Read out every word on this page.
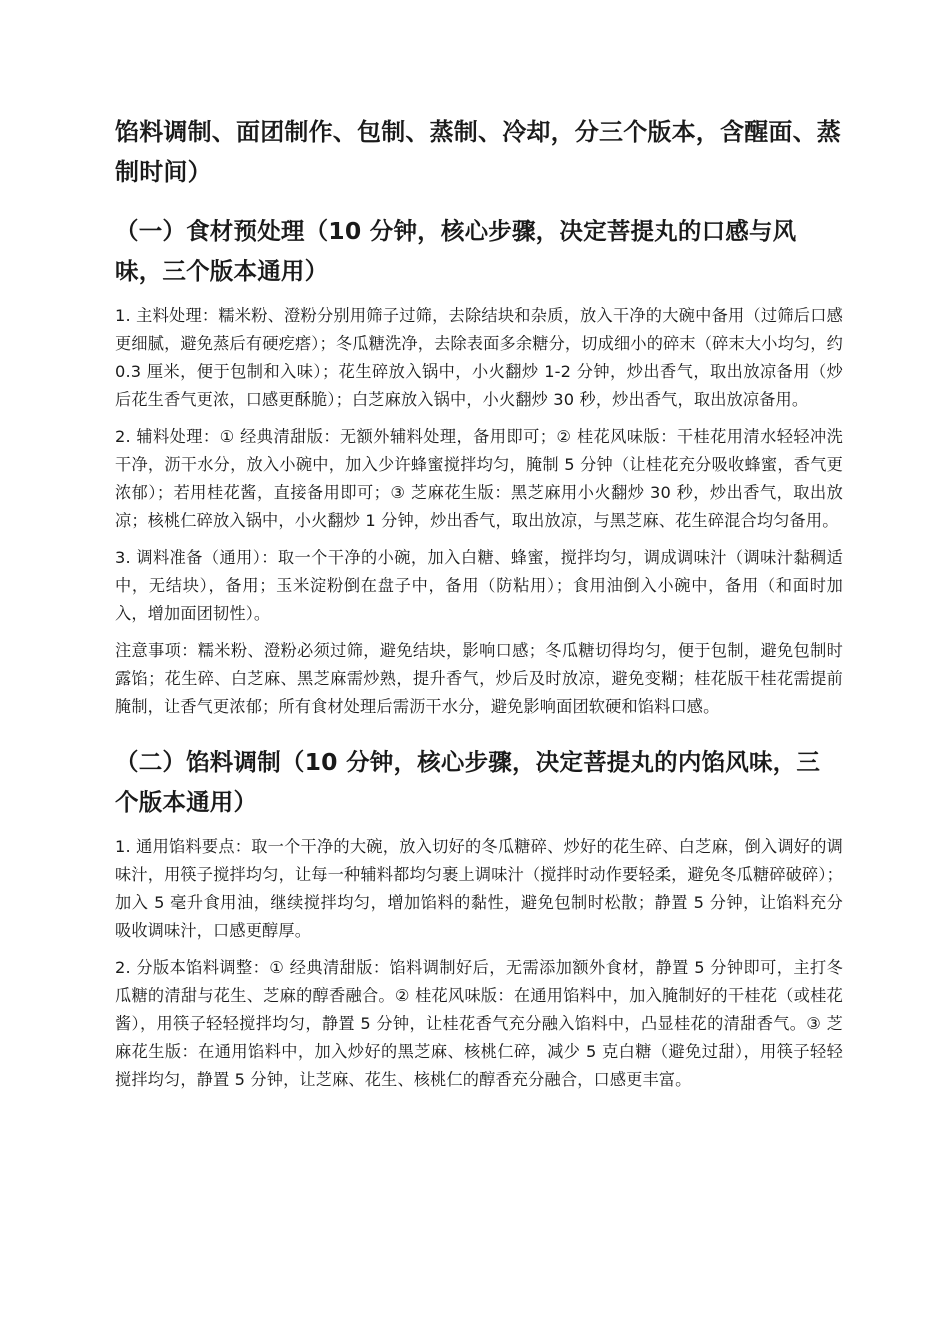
馅料调制、面团制作、包制、蒸制、冷却，分三个版本，含醒面、蒸制时间）
（一）食材预处理（10 分钟，核心步骤，决定菩提丸的口感与风味，三个版本通用）

1. 主料处理：糯米粉、澄粉分别用筛子过筛，去除结块和杂质，放入干净的大碗中备用（过筛后口感更细腻，避免蒸后有硬疙瘩）；冬瓜糖洗净，去除表面多余糖分，切成细小的碎末（碎末大小均匀，约 0.3 厘米，便于包制和入味）；花生碎放入锅中，小火翻炒 1-2 分钟，炒出香气，取出放凉备用（炒后花生香气更浓，口感更酥脆）；白芝麻放入锅中，小火翻炒 30 秒，炒出香气，取出放凉备用。

2. 辅料处理：① 经典清甜版：无额外辅料处理，备用即可；② 桂花风味版：干桂花用清水轻轻冲洗干净，沥干水分，放入小碗中，加入少许蜂蜜搅拌均匀，腌制 5 分钟（让桂花充分吸收蜂蜜，香气更浓郁）；若用桂花酱，直接备用即可；③ 芝麻花生版：黑芝麻用小火翻炒 30 秒，炒出香气，取出放凉；核桃仁碎放入锅中，小火翻炒 1 分钟，炒出香气，取出放凉，与黑芝麻、花生碎混合均匀备用。

3. 调料准备（通用）：取一个干净的小碗，加入白糖、蜂蜜，搅拌均匀，调成调味汁（调味汁黏稠适中，无结块），备用；玉米淀粉倒在盘子中，备用（防粘用）；食用油倒入小碗中，备用（和面时加入，增加面团韧性）。

注意事项：糯米粉、澄粉必须过筛，避免结块，影响口感；冬瓜糖切得均匀，便于包制，避免包制时露馅；花生碎、白芝麻、黑芝麻需炒熟，提升香气，炒后及时放凉，避免变糊；桂花版干桂花需提前腌制，让香气更浓郁；所有食材处理后需沥干水分，避免影响面团软硬和馅料口感。

（二）馅料调制（10 分钟，核心步骤，决定菩提丸的内馅风味，三个版本通用）

1. 通用馅料要点：取一个干净的大碗，放入切好的冬瓜糖碎、炒好的花生碎、白芝麻，倒入调好的调味汁，用筷子搅拌均匀，让每一种辅料都均匀裹上调味汁（搅拌时动作要轻柔，避免冬瓜糖碎破碎）；加入 5 毫升食用油，继续搅拌均匀，增加馅料的黏性，避免包制时松散；静置 5 分钟，让馅料充分吸收调味汁，口感更醇厚。

2. 分版本馅料调整：① 经典清甜版：馅料调制好后，无需添加额外食材，静置 5 分钟即可，主打冬瓜糖的清甜与花生、芝麻的醇香融合。② 桂花风味版：在通用馅料中，加入腌制好的干桂花（或桂花酱），用筷子轻轻搅拌均匀，静置 5 分钟，让桂花香气充分融入馅料中，凸显桂花的清甜香气。③ 芝麻花生版：在通用馅料中，加入炒好的黑芝麻、核桃仁碎，减少 5 克白糖（避免过甜），用筷子轻轻搅拌均匀，静置 5 分钟，让芝麻、花生、核桃仁的醇香充分融合，口感更丰富。
